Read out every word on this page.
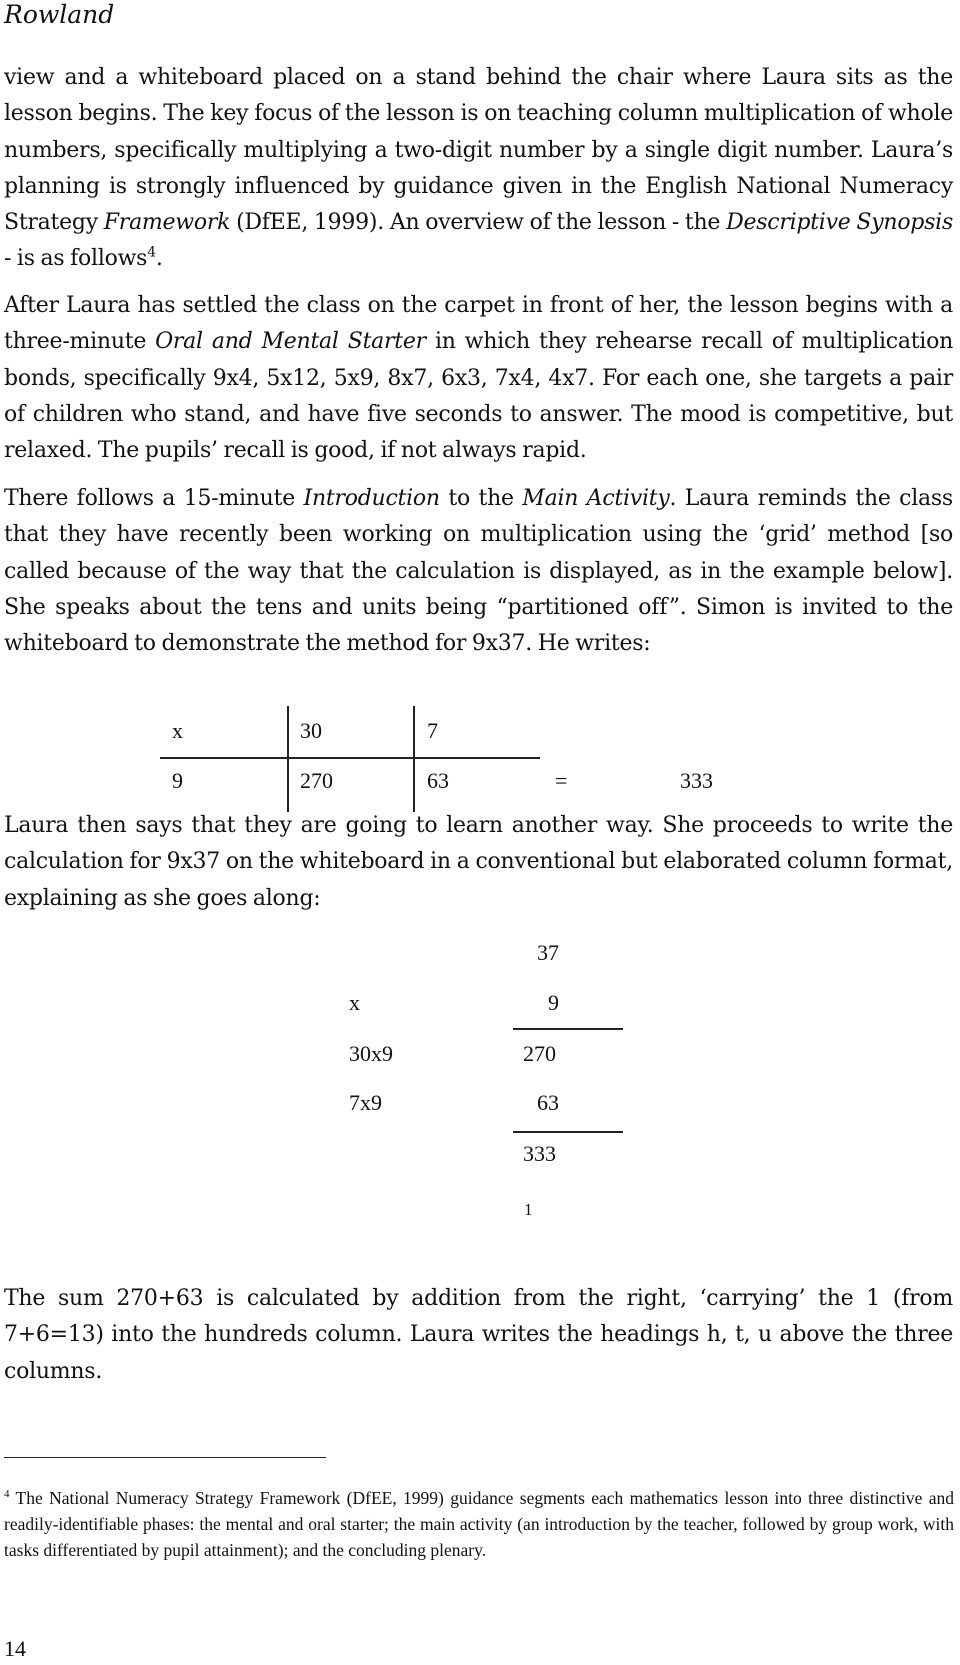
Rowland

view and a whiteboard placed on a stand behind the chair where Laura sits as the lesson begins. The key focus of the lesson is on teaching column multiplication of whole numbers, specifically multiplying a two-digit number by a single digit number. Laura’s planning is strongly influenced by guidance given in the English National Numeracy Strategy Framework (DfEE, 1999). An overview of the lesson - the Descriptive Synopsis - is as follows$^4$.

After Laura has settled the class on the carpet in front of her, the lesson begins with a three-minute Oral and Mental Starter in which they rehearse recall of multiplication bonds, specifically 9x4, 5x12, 5x9, 8x7, 6x3, 7x4, 4x7. For each one, she targets a pair of children who stand, and have five seconds to answer. The mood is competitive, but relaxed. The pupils’ recall is good, if not always rapid.

There follows a 15-minute Introduction to the Main Activity. Laura reminds the class that they have recently been working on multiplication using the ‘grid’ method [so called because of the way that the calculation is displayed, as in the example below]. She speaks about the tens and units being “partitioned off”. Simon is invited to the whiteboard to demonstrate the method for 9x37. He writes:

x	30	7
9	270	63	=	333

Laura then says that they are going to learn another way. She proceeds to write the calculation for 9x37 on the whiteboard in a conventional but elaborated column format, explaining as she goes along:

37
x	9
30x9	270
7x9	63
333
1

The sum 270+63 is calculated by addition from the right, ‘carrying’ the 1 (from 7+6=13) into the hundreds column. Laura writes the headings h, t, u above the three columns.

$^4$ The National Numeracy Strategy Framework (DfEE, 1999) guidance segments each mathematics lesson into three distinctive and readily-identifiable phases: the mental and oral starter; the main activity (an introduction by the teacher, followed by group work, with tasks differentiated by pupil attainment); and the concluding plenary.

14
